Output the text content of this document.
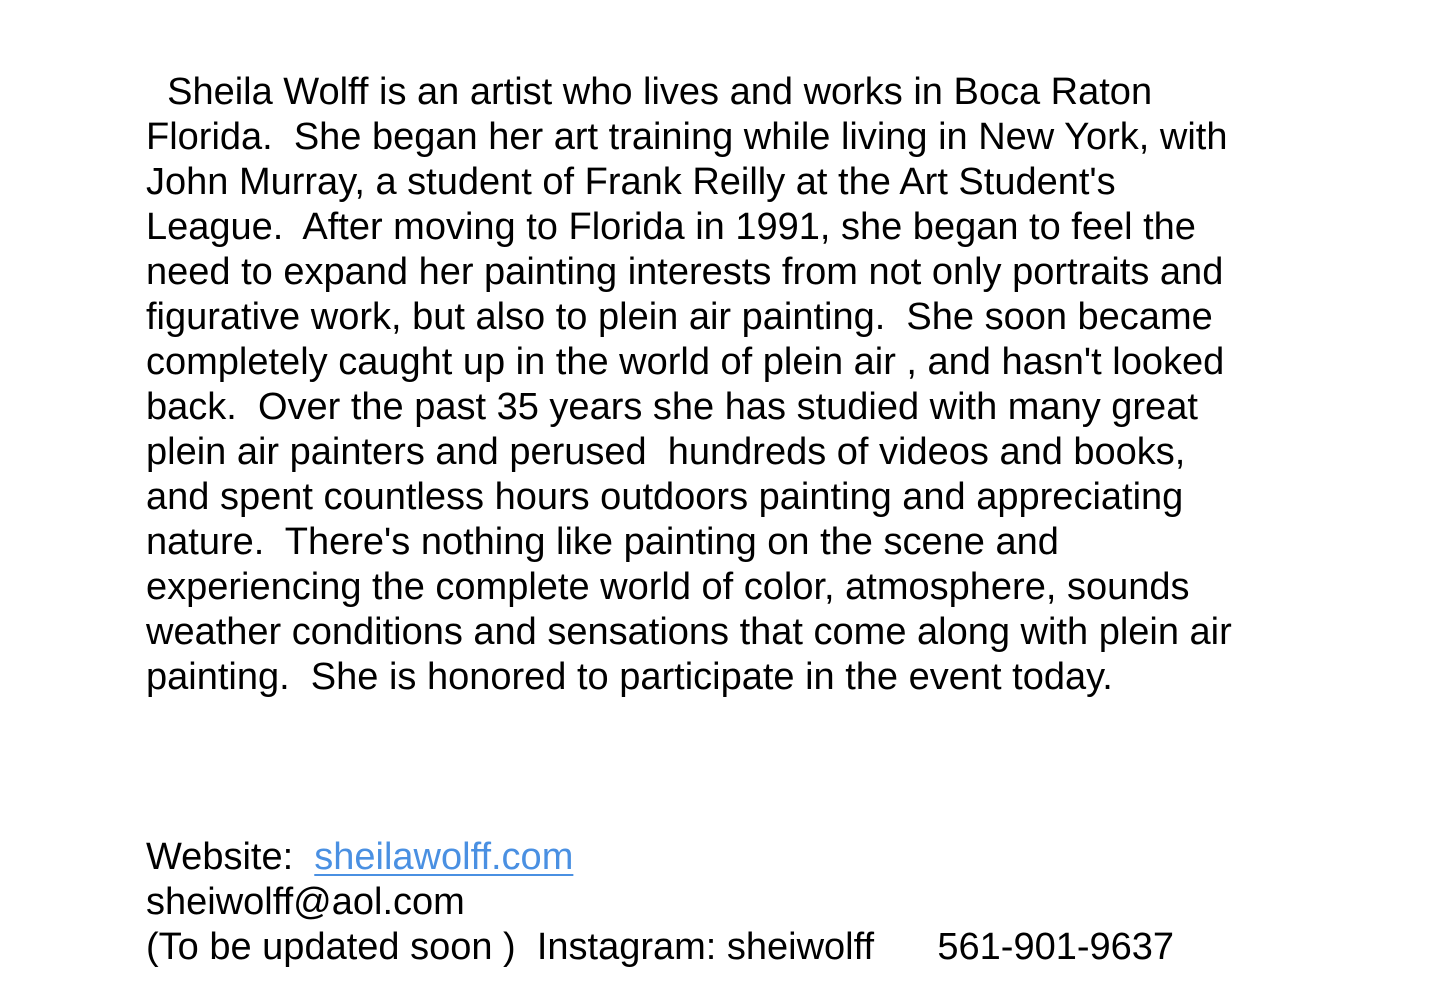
Sheila Wolff is an artist who lives and works in Boca Raton

Florida.  She began her art training while living in New York, with

John Murray, a student of Frank Reilly at the Art Student's

League.  After moving to Florida in 1991, she began to feel the

need to expand her painting interests from not only portraits and

figurative work, but also to plein air painting.  She soon became

completely caught up in the world of plein air , and hasn't looked

back.  Over the past 35 years she has studied with many great

plein air painters and perused  hundreds of videos and books,

and spent countless hours outdoors painting and appreciating

nature.  There's nothing like painting on the scene and

experiencing the complete world of color, atmosphere, sounds

weather conditions and sensations that come along with plein air

painting.  She is honored to participate in the event today.

Website:  sheilawolff.com

sheiwolff@aol.com

(To be updated soon )  Instagram: sheiwolff      561-901-9637
